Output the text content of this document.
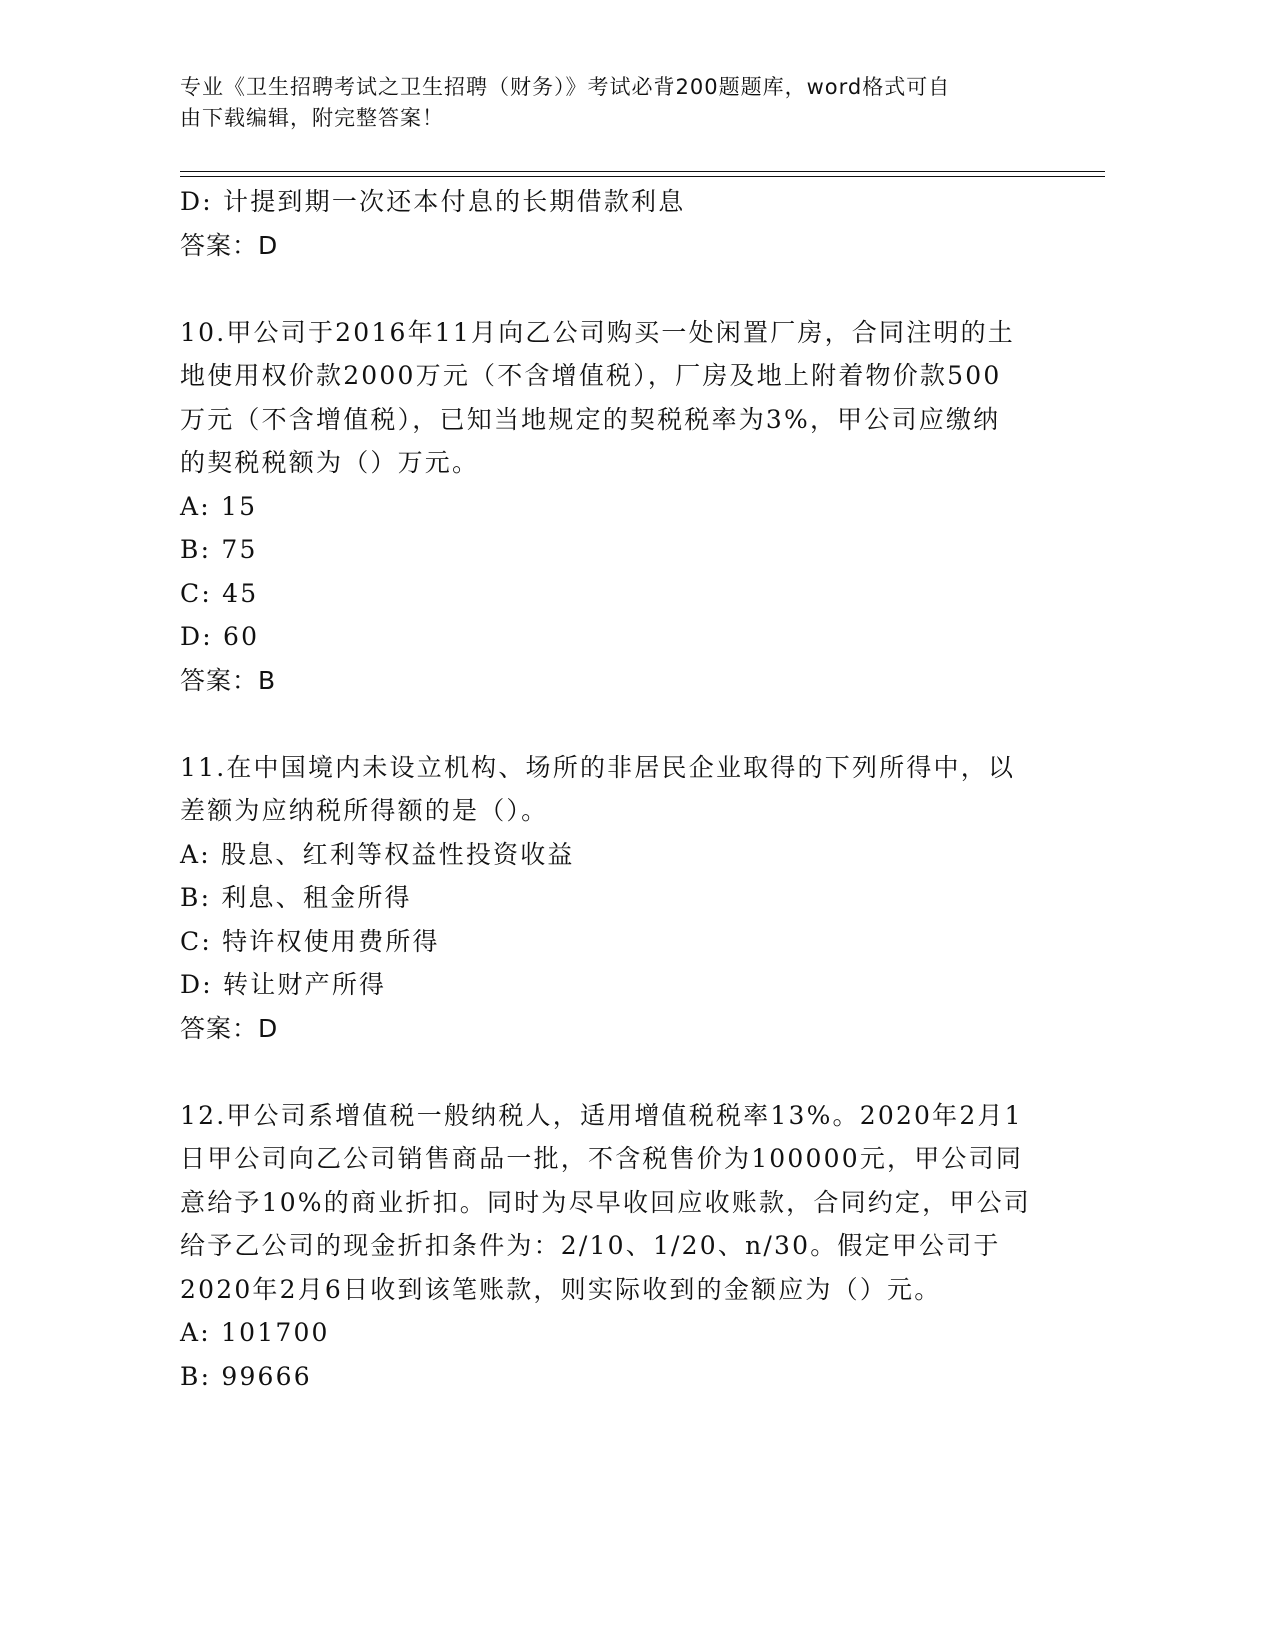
专业《卫生招聘考试之卫生招聘（财务）》考试必背200题题库，word格式可自
由下载编辑，附完整答案！

D: 计提到期一次还本付息的长期借款利息

答案：D

10.甲公司于2016年11月向乙公司购买一处闲置厂房，合同注明的土

地使用权价款2000万元（不含增值税），厂房及地上附着物价款500

万元（不含增值税），已知当地规定的契税税率为3%，甲公司应缴纳

的契税税额为（）万元。

A: 15

B: 75

C: 45

D: 60

答案：B

11.在中国境内未设立机构、场所的非居民企业取得的下列所得中，以

差额为应纳税所得额的是（）。

A: 股息、红利等权益性投资收益

B: 利息、租金所得

C: 特许权使用费所得

D: 转让财产所得

答案：D

12.甲公司系增值税一般纳税人，适用增值税税率13%。2020年2月1

日甲公司向乙公司销售商品一批，不含税售价为100000元，甲公司同

意给予10%的商业折扣。同时为尽早收回应收账款，合同约定，甲公司

给予乙公司的现金折扣条件为：2/10、1/20、n/30。假定甲公司于

2020年2月6日收到该笔账款，则实际收到的金额应为（）元。

A: 101700

B: 99666
